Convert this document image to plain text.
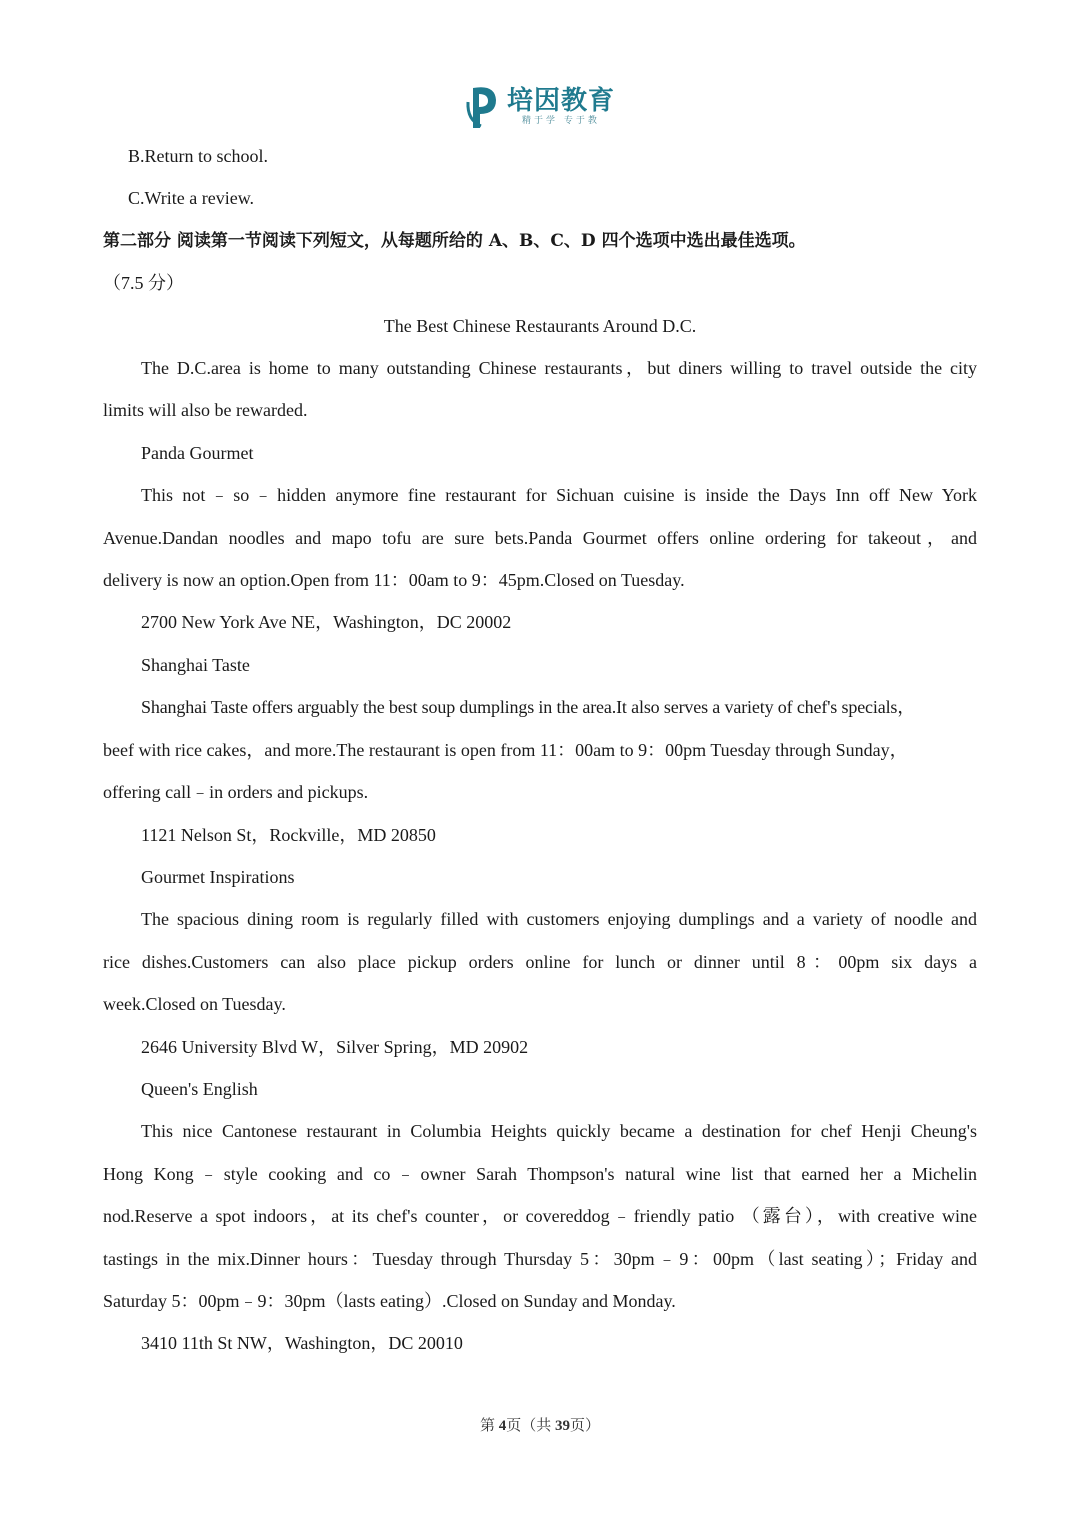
培因教育
精于学 专于教
B.Return to school.
C.Write a review.
第二部分 阅读第一节阅读下列短文，从每题所给的 A、B、C、D 四个选项中选出最佳选项。
（7.5 分）
The Best Chinese Restaurants Around D.C.
The D.C.area is home to many outstanding Chinese restaurants，but diners willing to travel outside the city
limits will also be rewarded.
Panda Gourmet
This not﹣so﹣hidden anymore fine restaurant for Sichuan cuisine is inside the Days Inn off New York
Avenue.Dandan noodles and mapo tofu are sure bets.Panda Gourmet offers online ordering for takeout，and
delivery is now an option.Open from 11：00am to 9：45pm.Closed on Tuesday.
2700 New York Ave NE，Washington，DC 20002
Shanghai Taste
Shanghai Taste offers arguably the best soup dumplings in the area.It also serves a variety of chef's specials，
beef with rice cakes，and more.The restaurant is open from 11：00am to 9：00pm Tuesday through Sunday，
offering call﹣in orders and pickups.
1121 Nelson St，Rockville，MD 20850
Gourmet Inspirations
The spacious dining room is regularly filled with customers enjoying dumplings and a variety of noodle and
rice dishes.Customers can also place pickup orders online for lunch or dinner until 8：00pm six days a
week.Closed on Tuesday.
2646 University Blvd W，Silver Spring，MD 20902
Queen's English
This nice Cantonese restaurant in Columbia Heights quickly became a destination for chef Henji Cheung's
Hong Kong﹣style cooking and co﹣owner Sarah Thompson's natural wine list that earned her a Michelin
nod.Reserve a spot indoors，at its chef's counter，or covereddog﹣friendly patio （露台），with creative wine
tastings in the mix.Dinner hours：Tuesday through Thursday 5：30pm﹣9：00pm（last seating）；Friday and
Saturday 5：00pm﹣9：30pm（lasts eating）.Closed on Sunday and Monday.
3410 11th St NW，Washington，DC 20010
第 4页（共 39页）
